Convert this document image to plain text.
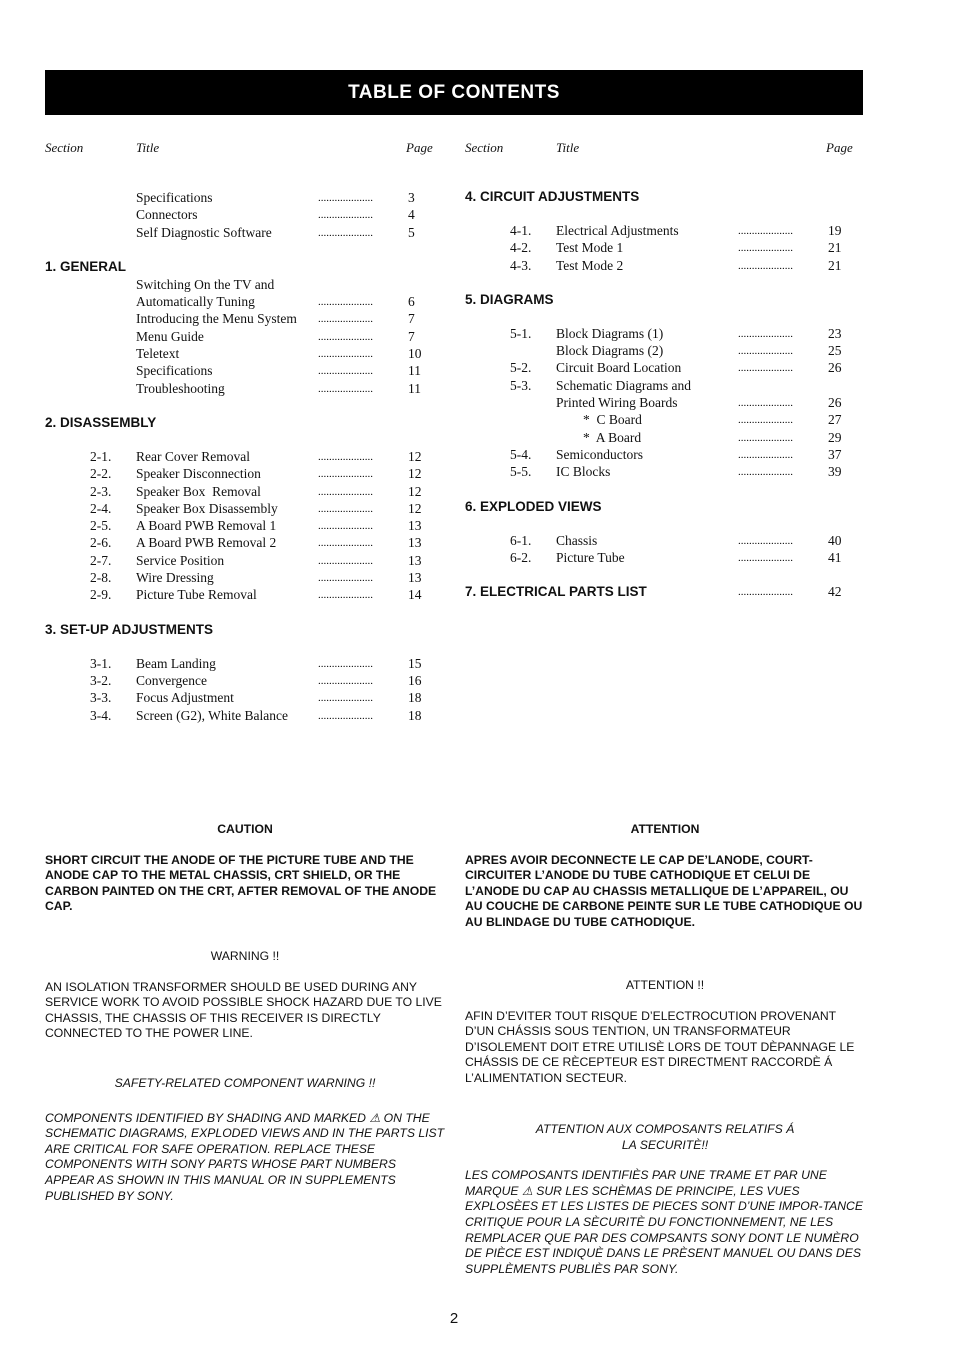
TABLE OF CONTENTS
Section	Title	Page
Specifications	....................	3
Connectors	....................	4
Self Diagnostic Software	....................	5
1. GENERAL
Switching On the TV and
Automatically Tuning	....................	6
Introducing the Menu System ....................	7
Menu Guide	....................	7
Teletext	....................	10
Specifications	....................	11
Troubleshooting	....................	11
2. DISASSEMBLY
2-1. Rear Cover Removal	....................	12
2-2. Speaker Disconnection	....................	12
2-3. Speaker Box  Removal	....................	12
2-4. Speaker Box Disassembly	....................	12
2-5. A Board PWB Removal 1	....................	13
2-6. A Board PWB Removal 2	....................	13
2-7. Service Position	....................	13
2-8. Wire Dressing	....................	13
2-9. Picture Tube Removal	....................	14
3. SET-UP ADJUSTMENTS
3-1. Beam Landing	....................	15
3-2. Convergence	....................	16
3-3. Focus Adjustment	....................	18
3-4. Screen (G2), White Balance	....................	18
Section	Title	Page
4. CIRCUIT ADJUSTMENTS
4-1. Electrical Adjustments	....................	19
4-2. Test Mode 1	....................	21
4-3. Test Mode 2	....................	21
5. DIAGRAMS
5-1. Block Diagrams (1)	....................	23
Block Diagrams (2)	....................	25
5-2. Circuit Board Location	....................	26
5-3. Schematic Diagrams and
Printed Wiring Boards	....................	26
*  C Board	....................	27
*  A Board	....................	29
5-4. Semiconductors	....................	37
5-5. IC Blocks	....................	39
6. EXPLODED VIEWS
6-1. Chassis	....................	40
6-2. Picture Tube	....................	41
7. ELECTRICAL PARTS LIST	....................	42

CAUTION

SHORT CIRCUIT THE ANODE OF THE PICTURE TUBE AND THE ANODE CAP TO THE METAL CHASSIS, CRT SHIELD, OR THE CARBON PAINTED ON THE CRT, AFTER REMOVAL OF THE ANODE CAP.

WARNING !!

AN ISOLATION TRANSFORMER SHOULD BE USED DURING ANY SERVICE WORK TO AVOID POSSIBLE SHOCK HAZARD DUE TO LIVE CHASSIS, THE CHASSIS OF THIS RECEIVER IS DIRECTLY CONNECTED TO THE POWER LINE.

SAFETY-RELATED COMPONENT WARNING !!

COMPONENTS IDENTIFIED BY SHADING AND MARKED ⚠ ON THE SCHEMATIC DIAGRAMS, EXPLODED VIEWS AND IN THE PARTS LIST ARE CRITICAL FOR SAFE OPERATION. REPLACE THESE COMPONENTS WITH SONY PARTS WHOSE PART NUMBERS APPEAR AS SHOWN IN THIS MANUAL OR IN SUPPLEMENTS PUBLISHED BY SONY.

ATTENTION

APRES AVOIR DECONNECTE LE CAP DE’LANODE, COURT-CIRCUITER L’ANODE DU TUBE CATHODIQUE ET CELUI DE L’ANODE DU CAP AU CHASSIS METALLIQUE DE L’APPAREIL, OU AU COUCHE DE CARBONE PEINTE SUR LE TUBE CATHODIQUE OU AU BLINDAGE DU TUBE CATHODIQUE.

ATTENTION !!

AFIN D’EVITER TOUT RISQUE D’ELECTROCUTION PROVENANT D’UN CHÁSSIS SOUS TENTION, UN TRANSFORMATEUR D’ISOLEMENT DOIT ETRE UTILISÈ LORS DE TOUT DÈPANNAGE LE CHÁSSIS DE CE RÈCEPTEUR EST DIRECTMENT RACCORDÈ Á L’ALIMENTATION SECTEUR.

ATTENTION AUX COMPOSANTS RELATIFS Á

LA SECURITÈ!!

LES COMPOSANTS IDENTIFIÈS PAR UNE TRAME ET PAR UNE MARQUE ⚠ SUR LES SCHÈMAS DE PRINCIPE, LES VUES EXPLOSÈES ET LES LISTES DE PIECES SONT D’UNE IMPOR-TANCE CRITIQUE POUR LA SÈCURITÈ DU FONCTIONNEMENT, NE LES REMPLACER QUE PAR DES COMPSANTS SONY DONT LE NUMÈRO DE PIÈCE EST INDIQUÈ DANS LE PRÈSENT MANUEL OU DANS DES SUPPLÈMENTS PUBLIÈS PAR SONY.

2
